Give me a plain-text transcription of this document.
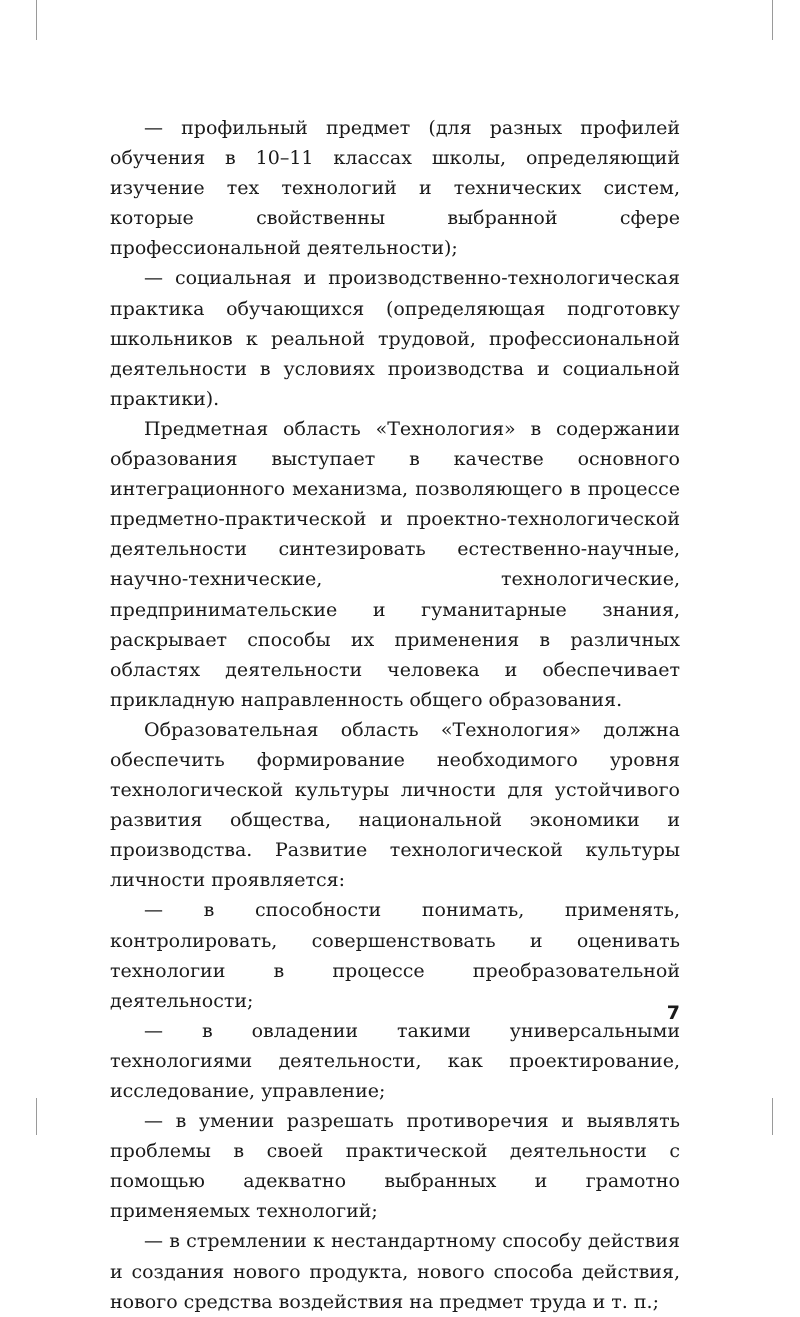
— профильный предмет (для разных профилей обучения в 10–11 классах школы, определяющий изучение тех технологий и технических систем, которые свойственны выбранной сфере профессиональной деятельности);

— социальная и производственно-технологическая практика обучающихся (определяющая подготовку школьников к реальной трудовой, профессиональной деятельности в условиях производства и социальной практики).

Предметная область «Технология» в содержании образования выступает в качестве основного интеграционного механизма, позволяющего в процессе предметно-практической и проектно-технологической деятельности синтезировать естественно-научные, научно-технические, технологические, предпринимательские и гуманитарные знания, раскрывает способы их применения в различных областях деятельности человека и обеспечивает прикладную направленность общего образования.

Образовательная область «Технология» должна обеспечить формирование необходимого уровня технологической культуры личности для устойчивого развития общества, национальной экономики и производства. Развитие технологической культуры личности проявляется:

— в способности понимать, применять, контролировать, совершенствовать и оценивать технологии в процессе преобразовательной деятельности;

— в овладении такими универсальными технологиями деятельности, как проектирование, исследование, управление;

— в умении разрешать противоречия и выявлять проблемы в своей практической деятельности с помощью адекватно выбранных и грамотно применяемых технологий;

— в стремлении к нестандартному способу действия и создания нового продукта, нового способа действия, нового средства воздействия на предмет труда и т. п.;

7
